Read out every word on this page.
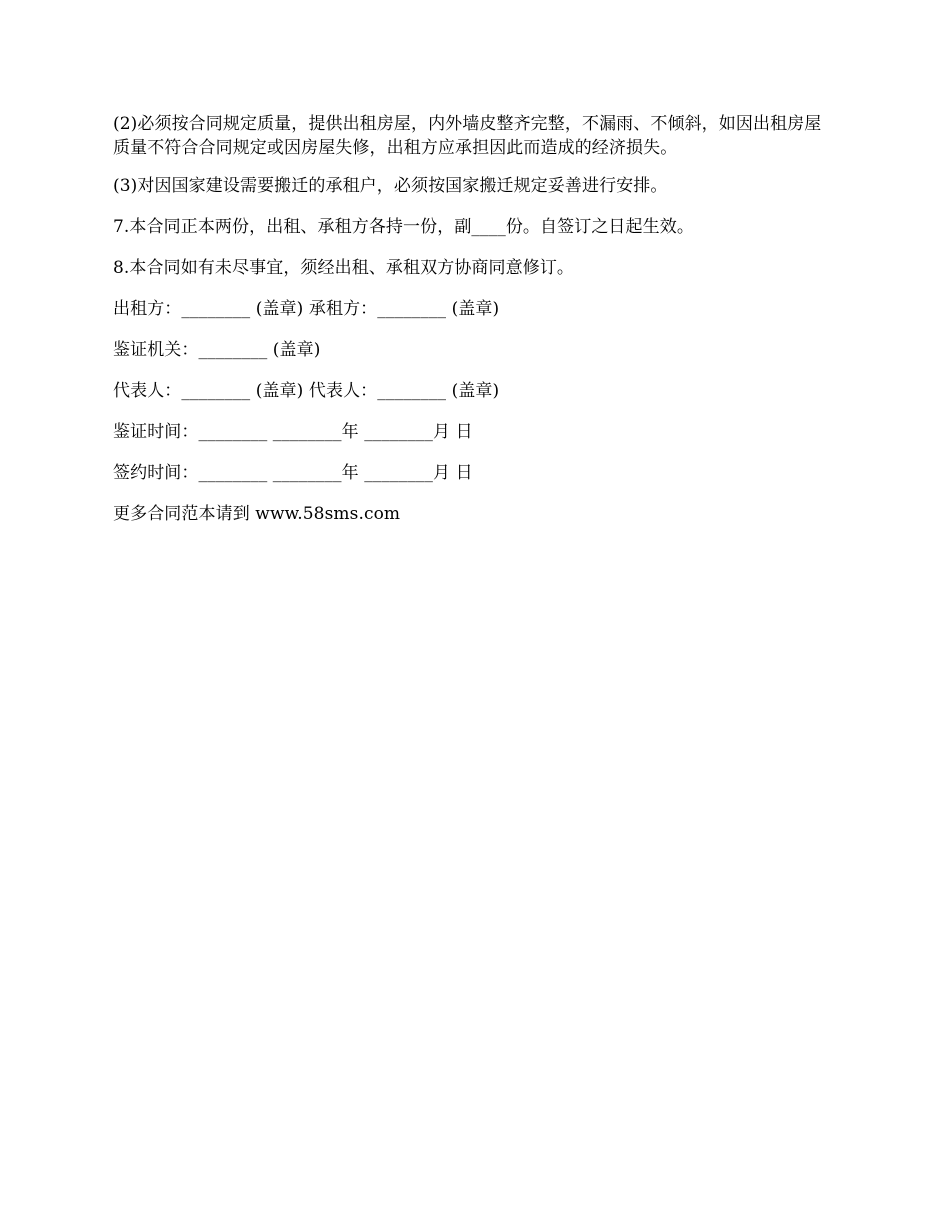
(2)必须按合同规定质量，提供出租房屋，内外墙皮整齐完整，不漏雨、不倾斜，如因出租房屋质量不符合合同规定或因房屋失修，出租方应承担因此而造成的经济损失。

(3)对因国家建设需要搬迁的承租户，必须按国家搬迁规定妥善进行安排。

7.本合同正本两份，出租、承租方各持一份，副____份。自签订之日起生效。

8.本合同如有未尽事宜，须经出租、承租双方协商同意修订。

出租方：________ (盖章) 承租方：________ (盖章)

鉴证机关：________ (盖章)

代表人：________ (盖章) 代表人：________ (盖章)

鉴证时间：________ ________年 ________月 日

签约时间：________ ________年 ________月 日

更多合同范本请到 www.58sms.com
